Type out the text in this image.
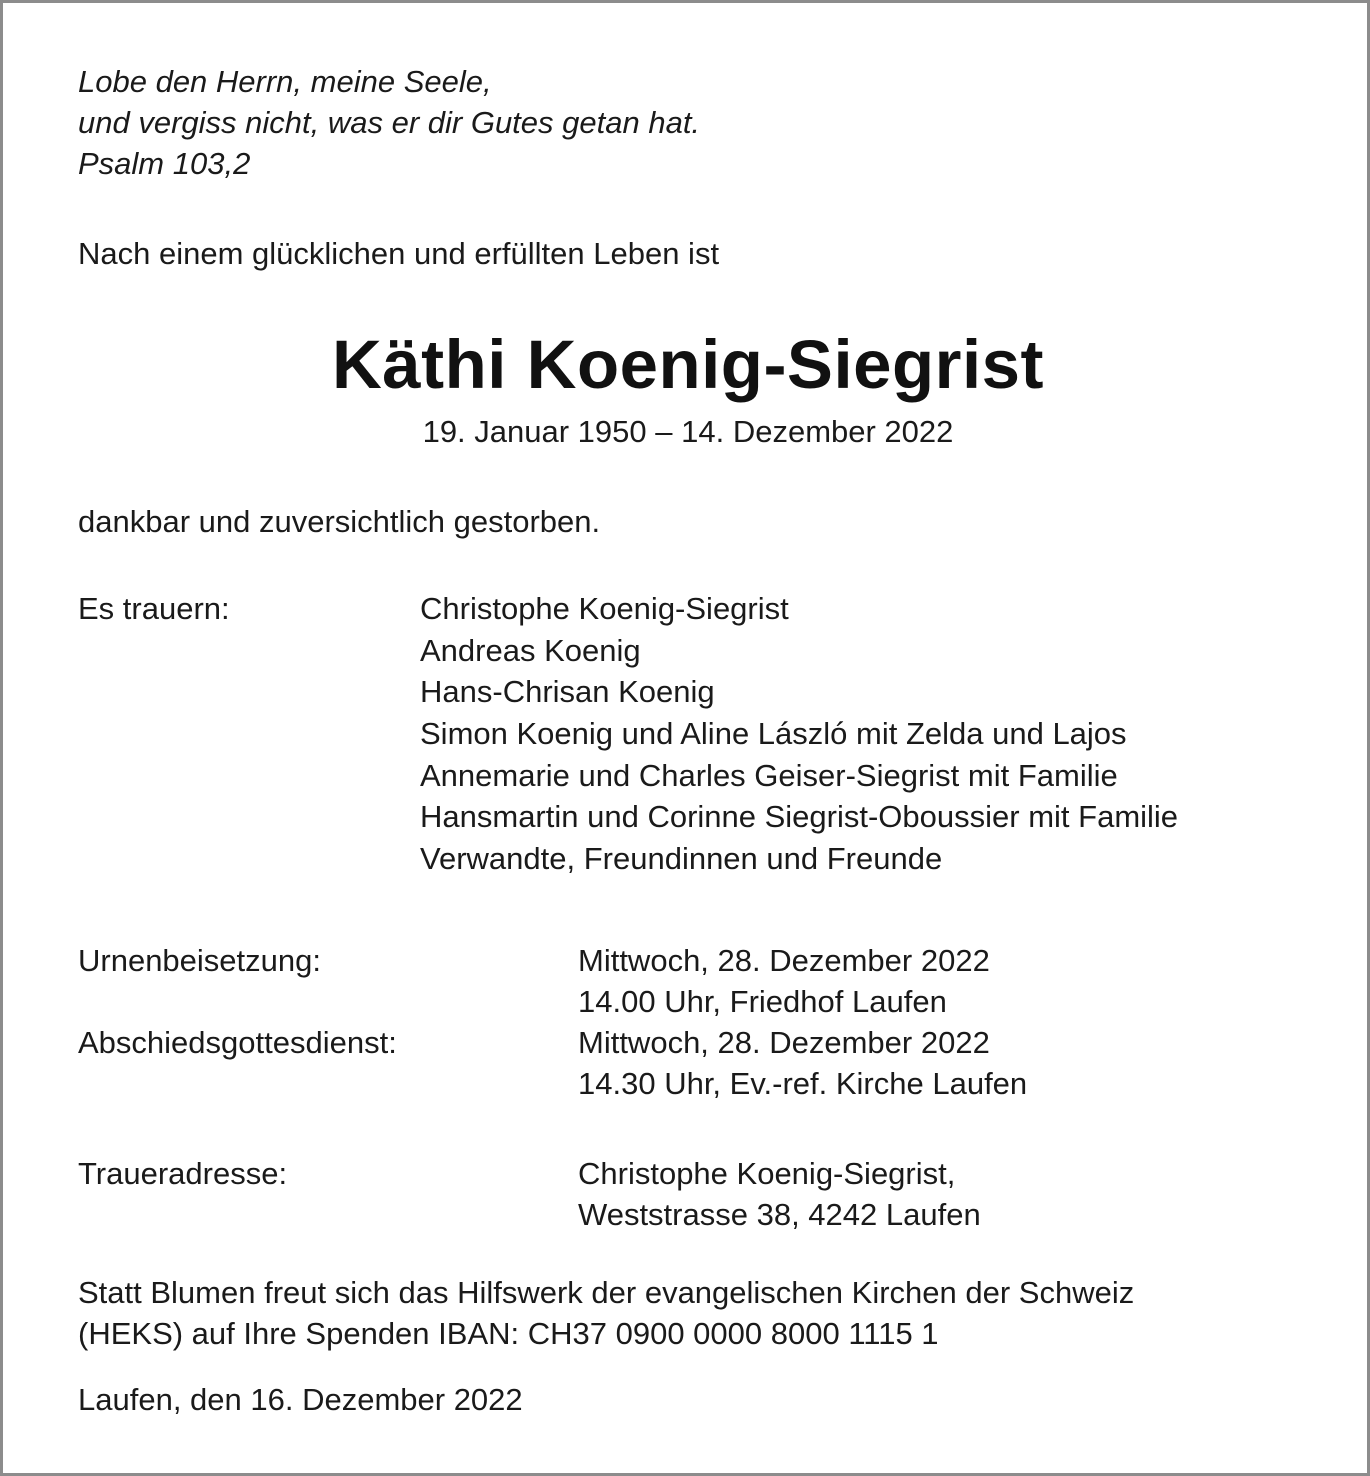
Lobe den Herrn, meine Seele,
und vergiss nicht, was er dir Gutes getan hat.
Psalm 103,2
Nach einem glücklichen und erfüllten Leben ist
Käthi Koenig-Siegrist
19. Januar 1950 – 14. Dezember 2022
dankbar und zuversichtlich gestorben.
Es trauern:	Christophe Koenig-Siegrist
Andreas Koenig
Hans-Chrisan Koenig
Simon Koenig und Aline László mit Zelda und Lajos
Annemarie und Charles Geiser-Siegrist mit Familie
Hansmartin und Corinne Siegrist-Oboussier mit Familie
Verwandte, Freundinnen und Freunde
Urnenbeisetzung:	Mittwoch, 28. Dezember 2022
14.00 Uhr, Friedhof Laufen
Abschiedsgottesdienst:	Mittwoch, 28. Dezember 2022
14.30 Uhr, Ev.-ref. Kirche Laufen
Traueradresse:	Christophe Koenig-Siegrist,
Weststrasse 38, 4242 Laufen
Statt Blumen freut sich das Hilfswerk der evangelischen Kirchen der Schweiz
(HEKS) auf Ihre Spenden IBAN: CH37 0900 0000 8000 1115 1
Laufen, den 16. Dezember 2022
